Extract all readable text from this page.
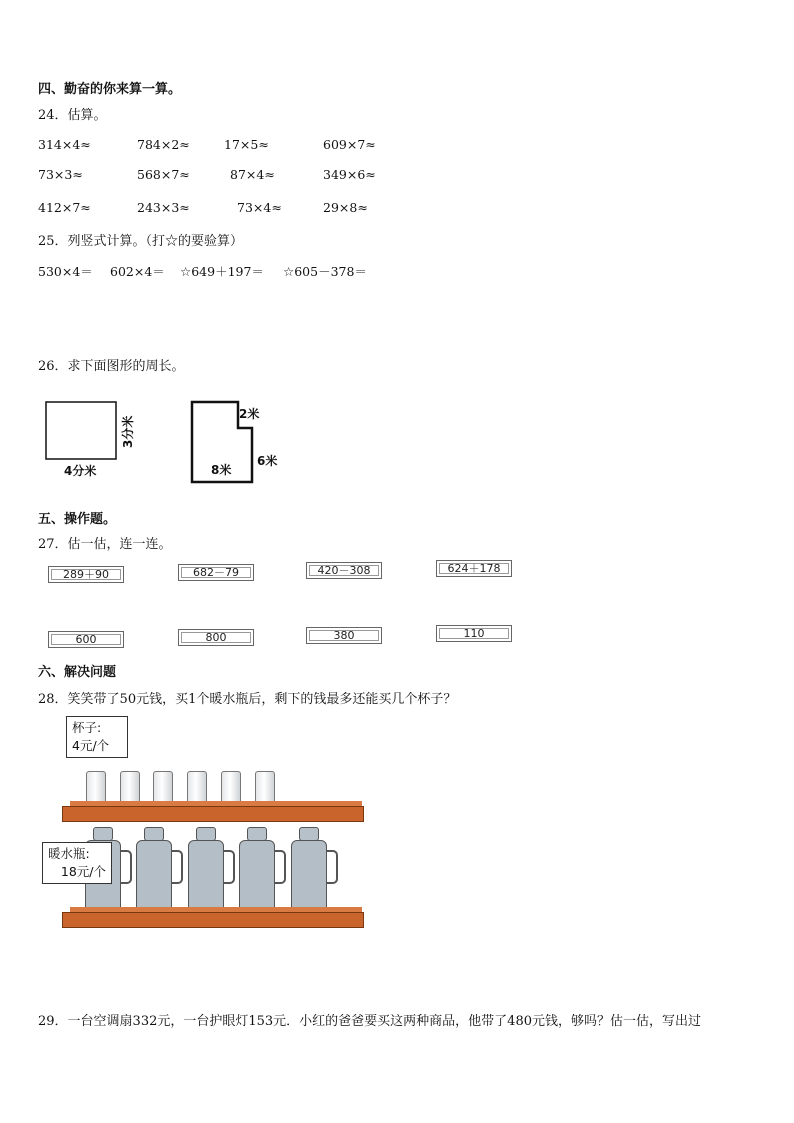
四、勤奋的你来算一算。
24．估算。
314×4≈	784×2≈	17×5≈	609×7≈
73×3≈	568×7≈	87×4≈	349×6≈
412×7≈	243×3≈	73×4≈	29×8≈
25．列竖式计算。（打☆的要验算）
530×4＝ 602×4＝ ☆649＋197＝ ☆605－378＝
26．求下面图形的周长。
4分米
3分米
2米
6米
8米
五、操作题。
27．估一估，连一连。
289＋90	682－79	420－308	624＋178
600	800	380	110
六、解决问题
28．笑笑带了50元钱，买1个暖水瓶后，剩下的钱最多还能买几个杯子？
杯子:
4元/个
暖水瓶:
18元/个
29．一台空调扇332元，一台护眼灯153元．小红的爸爸要买这两种商品，他带了480元钱，够吗？估一估，写出过
